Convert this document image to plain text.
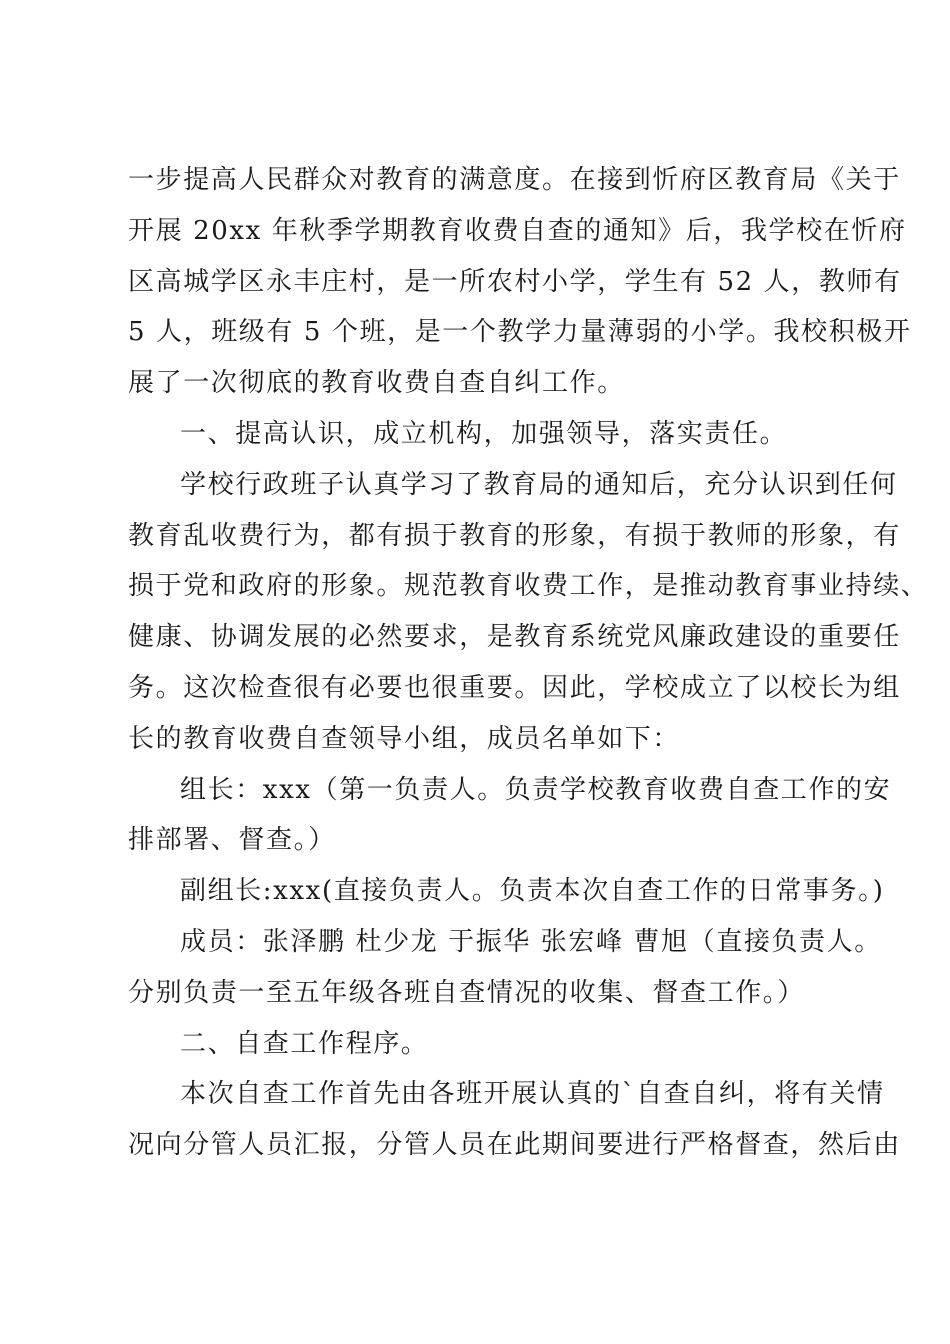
一步提高人民群众对教育的满意度。在接到忻府区教育局《关于
开展 20xx 年秋季学期教育收费自查的通知》后，我学校在忻府
区高城学区永丰庄村，是一所农村小学，学生有 52 人，教师有
5 人，班级有 5 个班，是一个教学力量薄弱的小学。我校积极开
展了一次彻底的教育收费自查自纠工作。
一、提高认识，成立机构，加强领导，落实责任。
学校行政班子认真学习了教育局的通知后，充分认识到任何
教育乱收费行为，都有损于教育的形象，有损于教师的形象，有
损于党和政府的形象。规范教育收费工作，是推动教育事业持续、
健康、协调发展的必然要求，是教育系统党风廉政建设的重要任
务。这次检查很有必要也很重要。因此，学校成立了以校长为组
长的教育收费自查领导小组，成员名单如下：
组长：xxx（第一负责人。负责学校教育收费自查工作的安
排部署、督查。）
副组长:xxx(直接负责人。负责本次自查工作的日常事务。)
成员：张泽鹏 杜少龙 于振华 张宏峰 曹旭（直接负责人。
分别负责一至五年级各班自查情况的收集、督查工作。）
二、自查工作程序。
本次自查工作首先由各班开展认真的`自查自纠，将有关情
况向分管人员汇报，分管人员在此期间要进行严格督查，然后由
